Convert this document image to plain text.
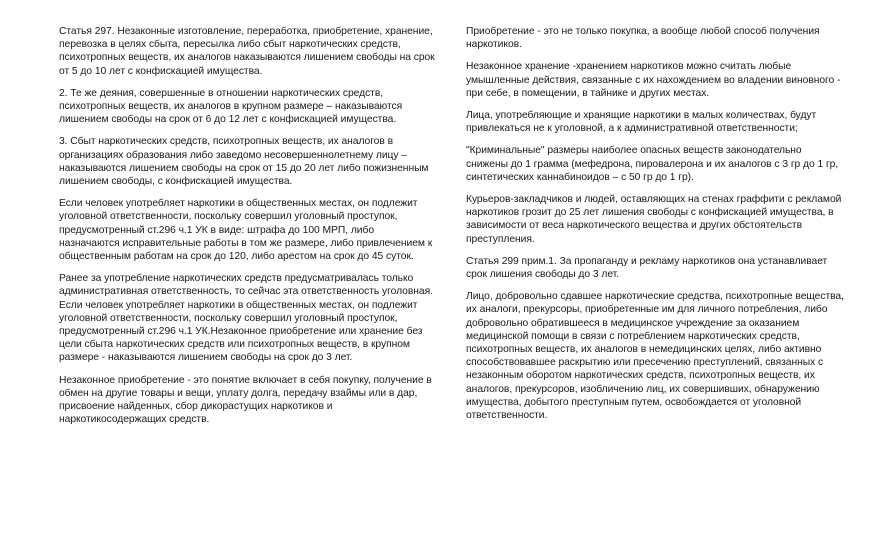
Статья 297. Незаконные изготовление, переработка, приобретение, хранение, перевозка в целях сбыта, пересылка либо сбыт наркотических средств, психотропных веществ, их аналогов наказываются лишением свободы на срок от 5 до 10 лет с конфискацией имущества.

2. Те же деяния, совершенные в отношении наркотических средств, психотропных веществ, их аналогов в крупном размере – наказываются лишением свободы на срок от 6 до 12 лет с конфискацией имущества.

3. Сбыт наркотических средств, психотропных веществ, их аналогов в организациях образования либо заведомо несовершеннолетнему лицу – наказываются лишением свободы на срок от 15 до 20 лет либо пожизненным лишением свободы, с конфискацией имущества.

Если человек употребляет наркотики в общественных местах, он подлежит уголовной ответственности, поскольку совершил уголовный проступок, предусмотренный ст.296 ч.1 УК в виде: штрафа до 100 МРП, либо назначаются исправительные работы в том же размере, либо привлечением к общественным работам на срок до 120, либо арестом на срок до 45 суток.

Ранее за употребление наркотических средств предусматривалась только административная ответственность, то сейчас эта ответственность уголовная. Если человек употребляет наркотики в общественных местах, он подлежит уголовной ответственности, поскольку совершил уголовный проступок, предусмотренный ст.296 ч.1 УК.Незаконное приобретение или хранение без цели сбыта наркотических средств или психотропных веществ, в крупном размере - наказываются лишением свободы на срок до 3 лет.

Незаконное приобретение - это понятие включает в себя покупку, получение в обмен на другие товары и вещи, уплату долга, передачу взаймы или в дар, присвоение найденных, сбор дикорастущих наркотиков и наркотикосодержащих средств.

Приобретение - это не только покупка, а вообще любой способ получения наркотиков.

Незаконное хранение -хранением наркотиков можно считать любые умышленные действия, связанные с их нахождением во владении виновного - при себе, в помещении, в тайнике и других местах.

Лица, употребляющие и хранящие наркотики в малых количествах, будут привлекаться не к уголовной, а к административной ответственности;

"Криминальные" размеры наиболее опасных веществ законодательно снижены до 1 грамма (мефедрона, пировалерона и их аналогов с 3 гр до 1 гр, синтетических каннабиноидов – с 50 гр до 1 гр).

Курьеров-закладчиков и людей, оставляющих на стенах граффити с рекламой наркотиков грозит до 25 лет лишения свободы с конфискацией имущества, в зависимости от веса наркотического вещества и других обстоятельств преступления.

Статья 299 прим.1. За пропаганду и рекламу наркотиков она устанавливает срок лишения свободы до 3 лет.

Лицо, добровольно сдавшее наркотические средства, психотропные вещества, их аналоги, прекурсоры, приобретенные им для личного потребления, либо добровольно обратившееся в медицинское учреждение за оказанием медицинской помощи в связи с потреблением наркотических средств, психотропных веществ, их аналогов в немедицинских целях, либо активно способствовавшее раскрытию или пресечению преступлений, связанных с незаконным оборотом наркотических средств, психотропных веществ, их аналогов, прекурсоров, изобличению лиц, их совершивших, обнаружению имущества, добытого преступным путем, освобождается от уголовной ответственности.
